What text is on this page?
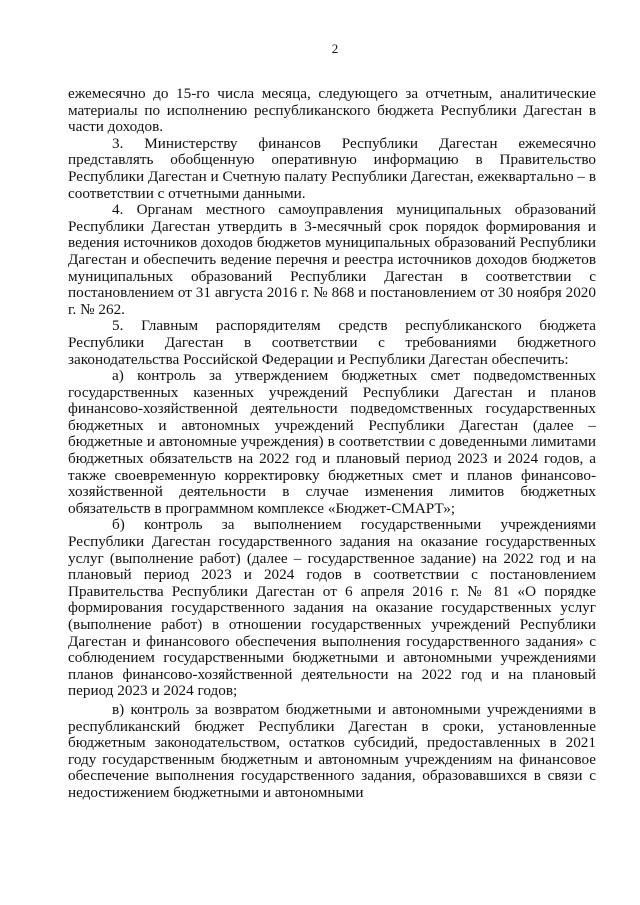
2

ежемесячно до 15-го числа месяца, следующего за отчетным, аналитические материалы по исполнению республиканского бюджета Республики Дагестан в части доходов.

3. Министерству финансов Республики Дагестан ежемесячно представлять обобщенную оперативную информацию в Правительство Республики Дагестан и Счетную палату Республики Дагестан, ежеквартально – в соответствии с отчетными данными.

4. Органам местного самоуправления муниципальных образований Республики Дагестан утвердить в 3-месячный срок порядок формирования и ведения источников доходов бюджетов муниципальных образований Республики Дагестан и обеспечить ведение перечня и реестра источников доходов бюджетов муниципальных образований Республики Дагестан в соответствии с постановлением от 31 августа 2016 г. № 868 и постановлением от 30 ноября 2020 г. № 262.

5. Главным распорядителям средств республиканского бюджета Республики Дагестан в соответствии с требованиями бюджетного законодательства Российской Федерации и Республики Дагестан обеспечить:

а) контроль за утверждением бюджетных смет подведомственных государственных казенных учреждений Республики Дагестан и планов финансово-хозяйственной деятельности подведомственных государственных бюджетных и автономных учреждений Республики Дагестан (далее – бюджетные и автономные учреждения) в соответствии с доведенными лимитами бюджетных обязательств на 2022 год и плановый период 2023 и 2024 годов, а также своевременную корректировку бюджетных смет и планов финансово-хозяйственной деятельности в случае изменения лимитов бюджетных обязательств в программном комплексе «Бюджет-СМАРТ»;

б) контроль за выполнением государственными учреждениями Республики Дагестан государственного задания на оказание государственных услуг (выполнение работ) (далее – государственное задание) на 2022 год и на плановый период 2023 и 2024 годов в соответствии с постановлением Правительства Республики Дагестан от 6 апреля 2016 г. № 81 «О порядке формирования государственного задания на оказание государственных услуг (выполнение работ) в отношении государственных учреждений Республики Дагестан и финансового обеспечения выполнения государственного задания» с соблюдением государственными бюджетными и автономными учреждениями планов финансово-хозяйственной деятельности на 2022 год и на плановый период 2023 и 2024 годов;

в) контроль за возвратом бюджетными и автономными учреждениями в республиканский бюджет Республики Дагестан в сроки, установленные бюджетным законодательством, остатков субсидий, предоставленных в 2021 году государственным бюджетным и автономным учреждениям на финансовое обеспечение выполнения государственного задания, образовавшихся в связи с недостижением бюджетными и автономными
